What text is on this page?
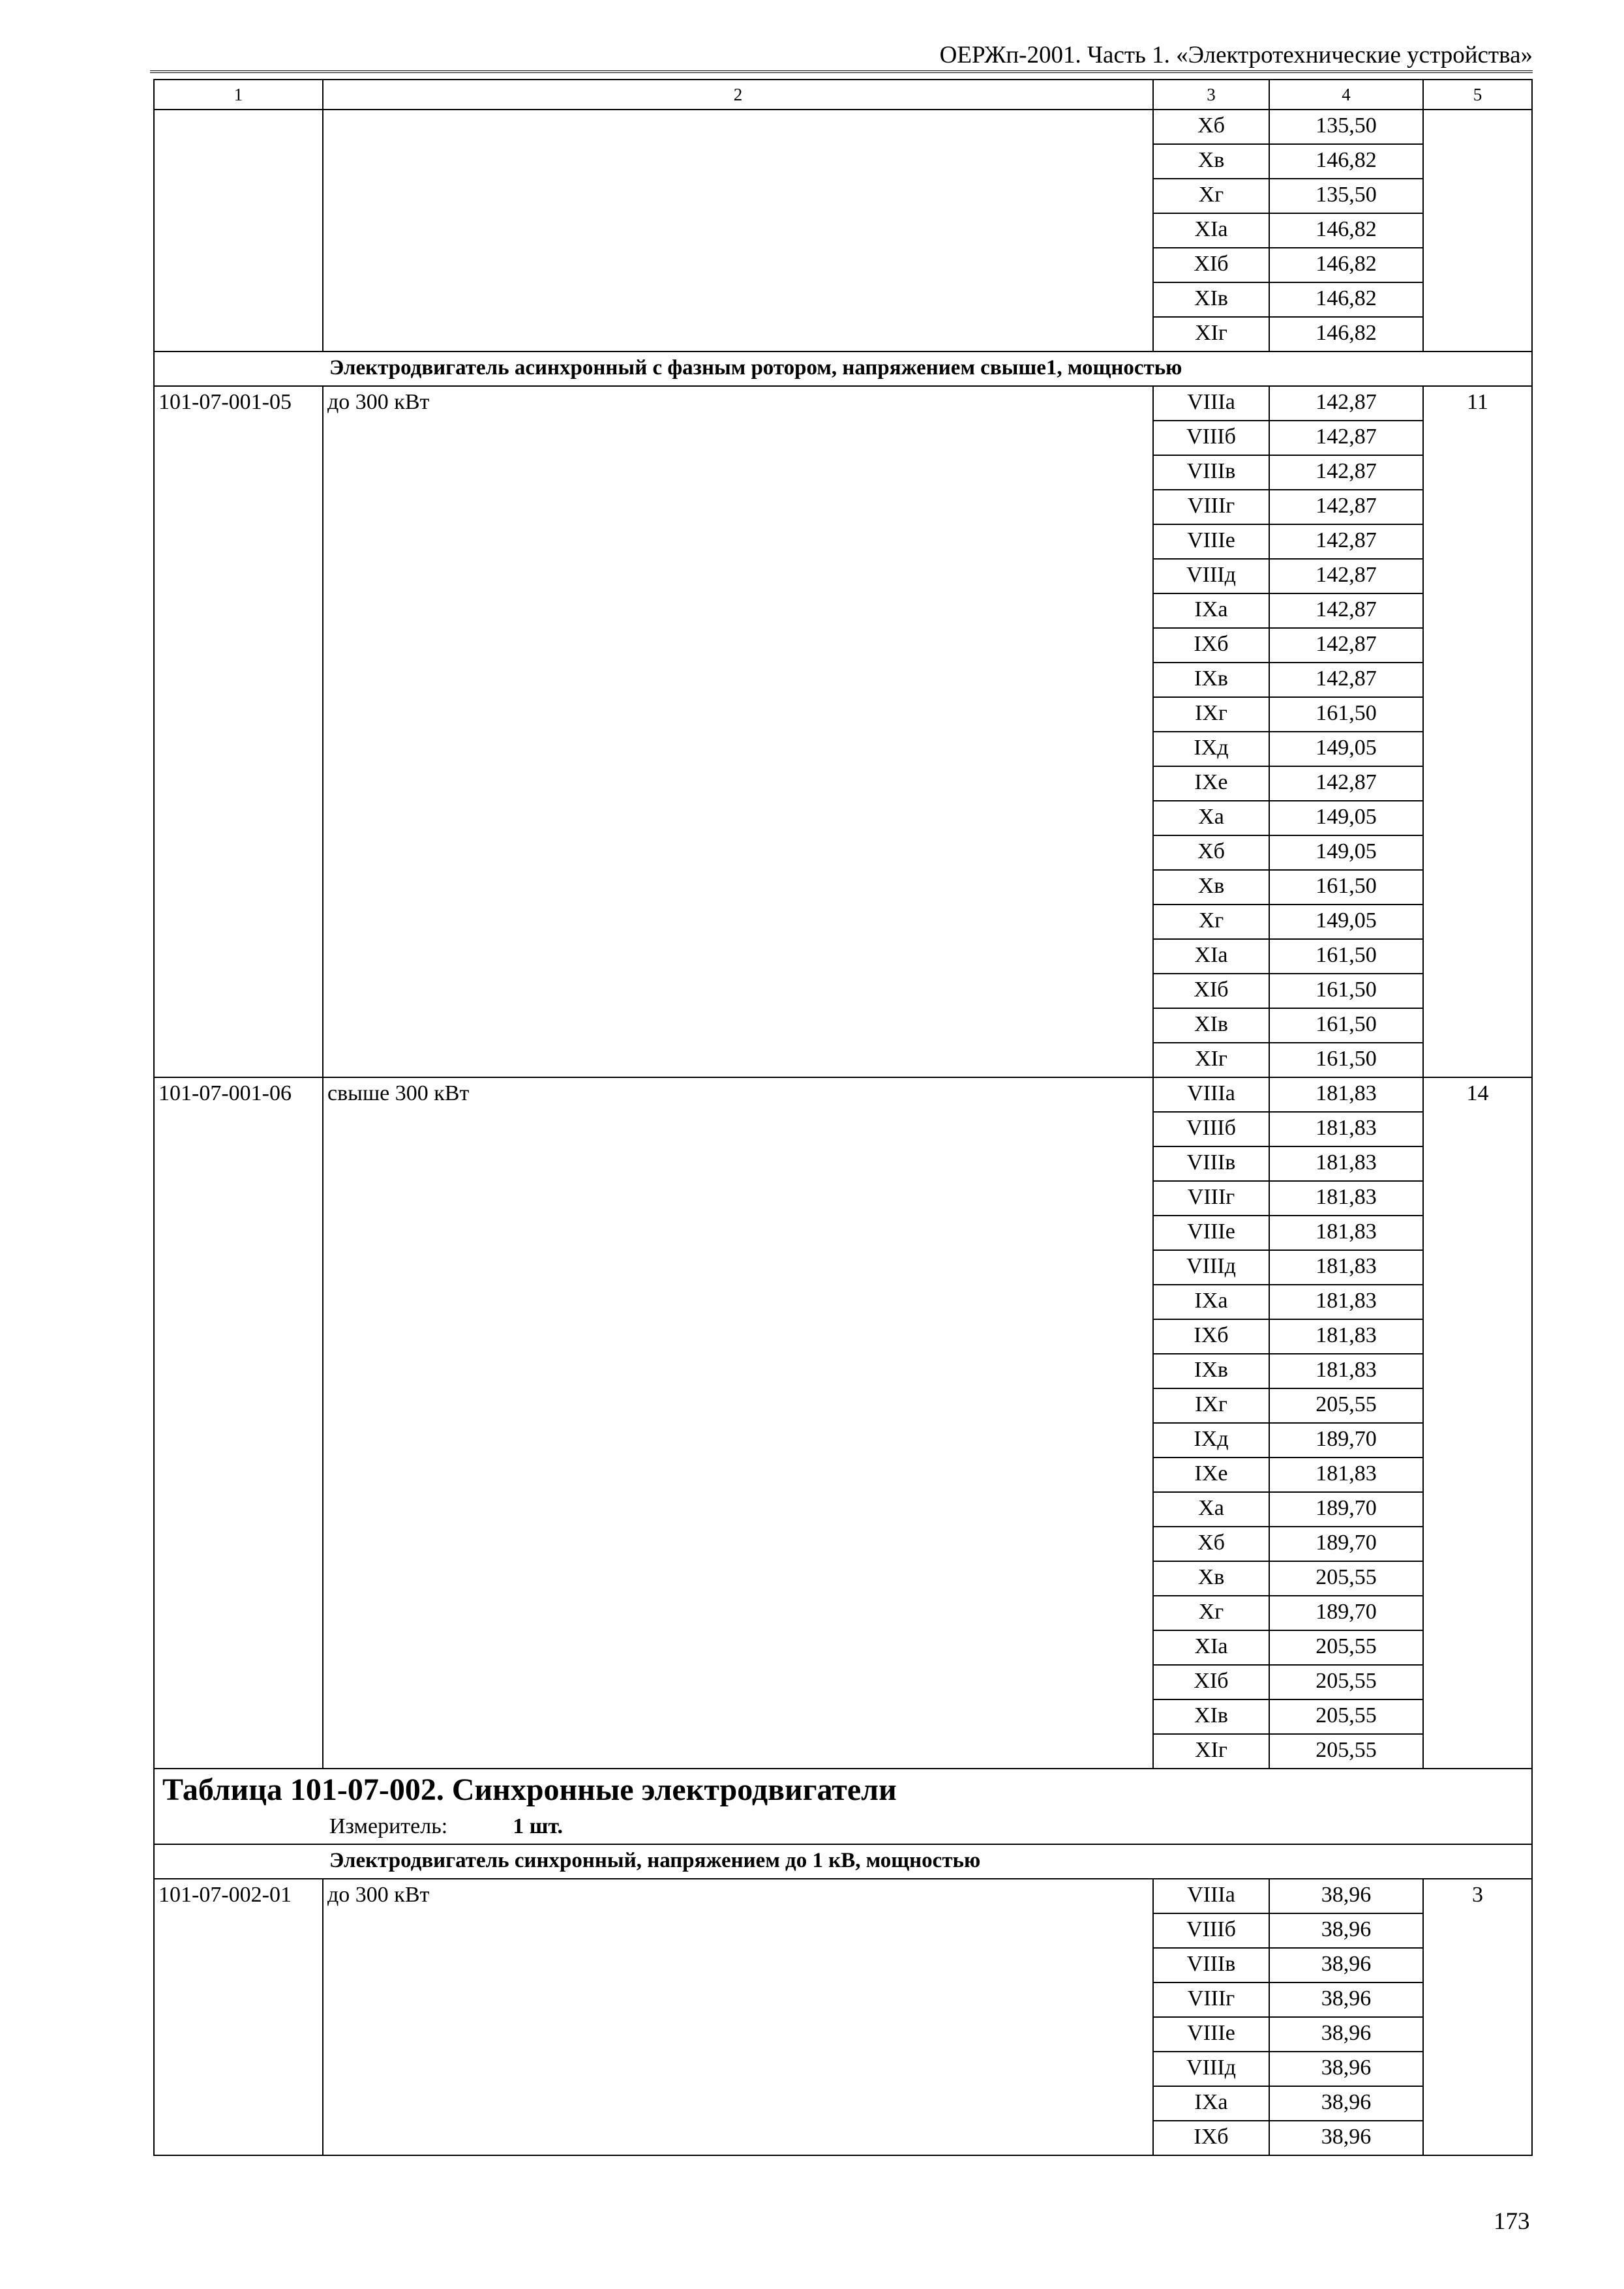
ОЕРЖп-2001. Часть 1. «Электротехнические устройства»
1	2	3	4	5
		Xб	135,50	
		Xв	146,82	
		Xг	135,50	
		XIа	146,82	
		XIб	146,82	
		XIв	146,82	
		XIг	146,82	
Электродвигатель асинхронный с фазным ротором, напряжением свыше1, мощностью				
101-07-001-05	до 300 кВт	VIIIа	142,87	11
		VIIIб	142,87	
		VIIIв	142,87	
		VIIIг	142,87	
		VIIIе	142,87	
		VIIIд	142,87	
		IXа	142,87	
		IXб	142,87	
		IXв	142,87	
		IXг	161,50	
		IXд	149,05	
		IXе	142,87	
		Xа	149,05	
		Xб	149,05	
		Xв	161,50	
		Xг	149,05	
		XIа	161,50	
		XIб	161,50	
		XIв	161,50	
		XIг	161,50	
101-07-001-06	свыше 300 кВт	VIIIа	181,83	14
		VIIIб	181,83	
		VIIIв	181,83	
		VIIIг	181,83	
		VIIIе	181,83	
		VIIIд	181,83	
		IXа	181,83	
		IXб	181,83	
		IXв	181,83	
		IXг	205,55	
		IXд	189,70	
		IXе	181,83	
		Xа	189,70	
		Xб	189,70	
		Xв	205,55	
		Xг	189,70	
		XIа	205,55	
		XIб	205,55	
		XIв	205,55	
		XIг	205,55	
Таблица 101-07-002. Синхронные электродвигатели				
Измеритель: 1 шт.				
Электродвигатель синхронный, напряжением до 1 кВ, мощностью				
101-07-002-01	до 300 кВт	VIIIа	38,96	3
		VIIIб	38,96	
		VIIIв	38,96	
		VIIIг	38,96	
		VIIIе	38,96	
		VIIIд	38,96	
		IXа	38,96	
		IXб	38,96	
173
